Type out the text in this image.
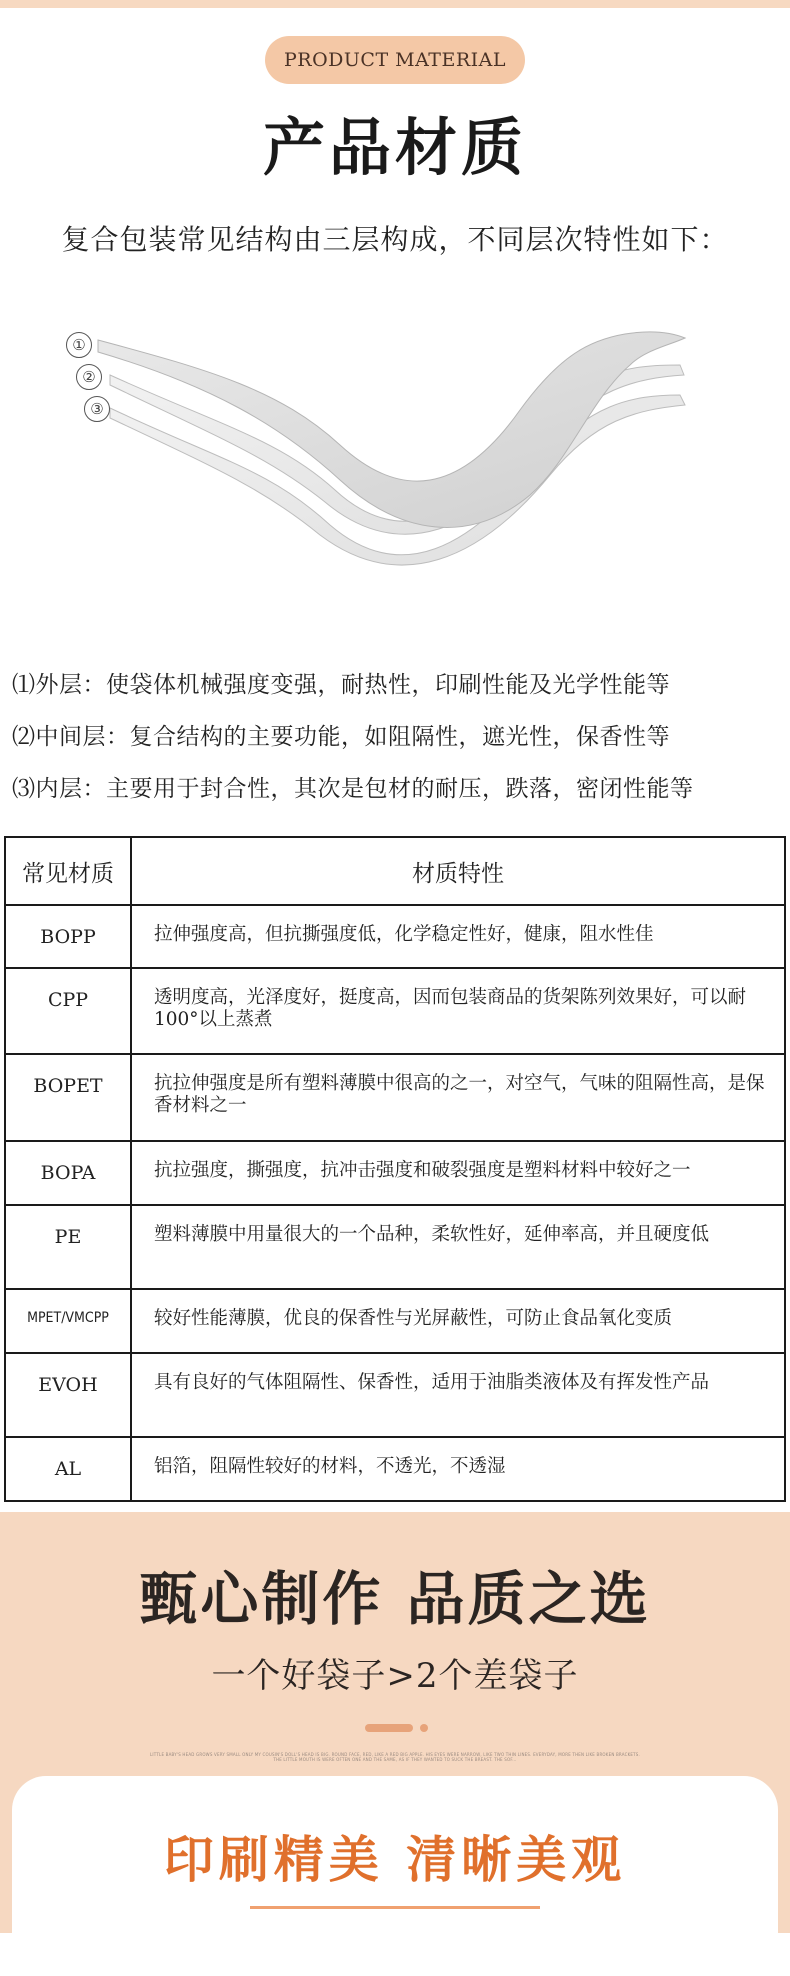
PRODUCT MATERIAL
产品材质
复合包装常见结构由三层构成，不同层次特性如下：
①
②
③
⑴外层：使袋体机械强度变强，耐热性，印刷性能及光学性能等
⑵中间层：复合结构的主要功能，如阻隔性，遮光性，保香性等
⑶内层：主要用于封合性，其次是包材的耐压，跌落，密闭性能等
常见材质	材质特性
BOPP	拉伸强度高，但抗撕强度低，化学稳定性好，健康，阻水性佳
CPP	透明度高，光泽度好，挺度高，因而包装商品的货架陈列效果好，可以耐100°以上蒸煮
BOPET	抗拉伸强度是所有塑料薄膜中很高的之一，对空气，气味的阻隔性高，是保香材料之一
BOPA	抗拉强度，撕强度，抗冲击强度和破裂强度是塑料材料中较好之一
PE	塑料薄膜中用量很大的一个品种，柔软性好，延伸率高，并且硬度低
MPET/VMCPP	较好性能薄膜，优良的保香性与光屏蔽性，可防止食品氧化变质
EVOH	具有良好的气体阻隔性、保香性，适用于油脂类液体及有挥发性产品
AL	铝箔，阻隔性较好的材料，不透光，不透湿
甄心制作 品质之选
一个好袋子>2个差袋子
LITTLE BABY'S HEAD GROWS VERY SMALL ONLY MY COUSIN'S DOLL'S HEAD IS BIG. ROUND FACE, RED, LIKE A RED BIG APPLE. HIS EYES WERE NARROW, LIKE TWO THIN LINES. EVERYDAY, MORE THEN LIKE BROKEN BRACKETS. THE LITTLE MOUTH IS WERE OFTEN ONE AND THE SAME, AS IF THEY WANTED TO SUCK THE BREAST. THE SOF...
印刷精美 清晰美观
